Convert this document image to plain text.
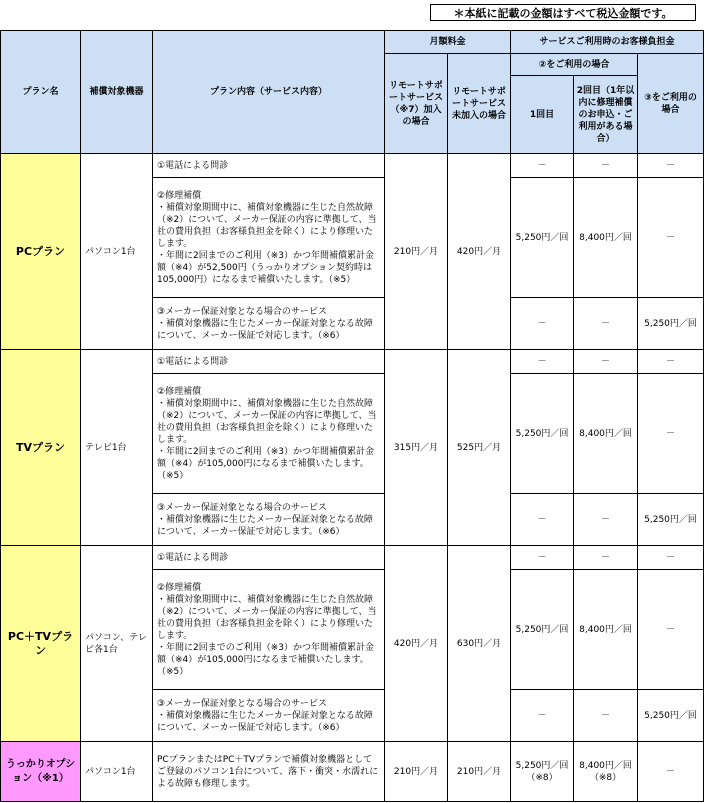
＊本紙に記載の金額はすべて税込金額です。
プラン名	補償対象機器	プラン内容（サービス内容）	月額料金		サービスご利用時のお客様負担金		
			リモートサポートサービス（※7）加入の場合	リモートサポートサービス未加入の場合	②をご利用の場合		③をご利用の場合
					1回目	2回目（1年以内に修理補償のお申込・ご利用がある場合）	
PCプラン	パソコン1台	①電話による問診	210円／月	420円／月	－	－	－

		②修理補償

・補償対象期間中に、補償対象機器に生じた自然故障（※2）について、メーカー保証の内容に準拠して、当社の費用負担（お客様負担金を除く）により修理いたします。

・年間に2回までのご利用（※3）かつ年間補償累計金額（※4）が52,500円（うっかりオプション契約時は105,000円）になるまで補償いたします。（※5）			5,250円／回	8,400円／回	－

		③メーカー保証対象となる場合のサービス

・補償対象機器に生じたメーカー保証対象となる故障について、メーカー保証で対応します。（※6）			－	－	5,250円／回
TVプラン	テレビ1台	①電話による問診	315円／月	525円／月	－	－	－

		②修理補償

・補償対象期間中に、補償対象機器に生じた自然故障（※2）について、メーカー保証の内容に準拠して、当社の費用負担（お客様負担金を除く）により修理いたします。

・年間に2回までのご利用（※3）かつ年間補償累計金額（※4）が105,000円になるまで補償いたします。（※5）			5,250円／回	8,400円／回	－

		③メーカー保証対象となる場合のサービス

・補償対象機器に生じたメーカー保証対象となる故障について、メーカー保証で対応します。（※6）			－	－	5,250円／回
PC＋TVプラン	パソコン、テレビ各1台	①電話による問診	420円／月	630円／月	－	－	－

		②修理補償

・補償対象期間中に、補償対象機器に生じた自然故障（※2）について、メーカー保証の内容に準拠して、当社の費用負担（お客様負担金を除く）により修理いたします。

・年間に2回までのご利用（※3）かつ年間補償累計金額（※4）が105,000円になるまで補償いたします。（※5）			5,250円／回	8,400円／回	－

		③メーカー保証対象となる場合のサービス

・補償対象機器に生じたメーカー保証対象となる故障について、メーカー保証で対応します。（※6）			－	－	5,250円／回
うっかりオプション（※1）	パソコン1台	PCプランまたはPC＋TVプランで補償対象機器としてご登録のパソコン1台について、落下・衝突・水濡れによる故障も修理します。	210円／月	210円／月	5,250円／回（※8）	8,400円／回（※8）	－
